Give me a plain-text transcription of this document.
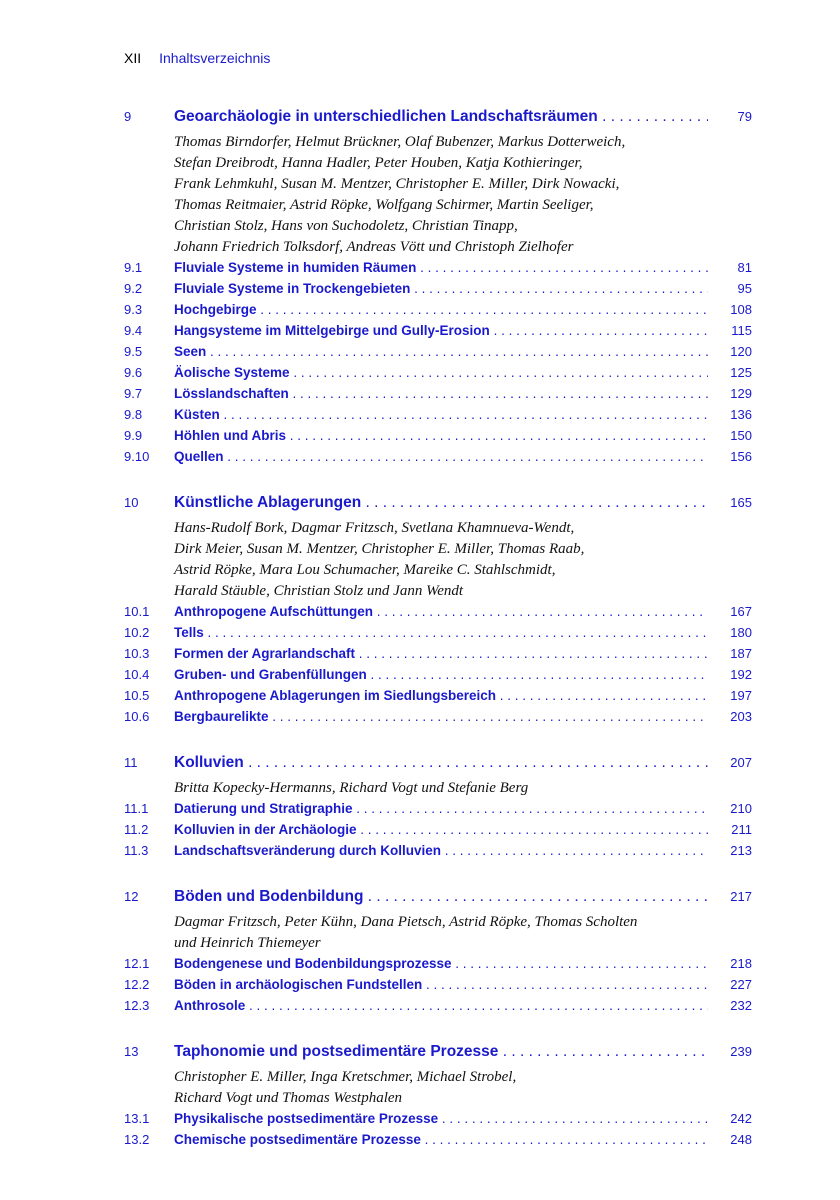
XII Inhaltsverzeichnis
9	Geoarchäologie in unterschiedlichen Landschaftsräumen . . .	79
Thomas Birndorfer, Helmut Brückner, Olaf Bubenzer, Markus Dotterweich,
Stefan Dreibrodt, Hanna Hadler, Peter Houben, Katja Kothieringer,
Frank Lehmkuhl, Susan M. Mentzer, Christopher E. Miller, Dirk Nowacki,
Thomas Reitmaier, Astrid Röpke, Wolfgang Schirmer, Martin Seeliger,
Christian Stolz, Hans von Suchodoletz, Christian Tinapp,
Johann Friedrich Tolksdorf, Andreas Vött und Christoph Zielhofer
9.1	Fluviale Systeme in humiden Räumen . . .	81
9.2	Fluviale Systeme in Trockengebieten . . .	95
9.3	Hochgebirge . . .	108
9.4	Hangsysteme im Mittelgebirge und Gully-Erosion . . .	115
9.5	Seen . . .	120
9.6	Äolische Systeme . . .	125
9.7	Lösslandschaften . . .	129
9.8	Küsten . . .	136
9.9	Höhlen und Abris . . .	150
9.10	Quellen . . .	156
10	Künstliche Ablagerungen . . .	165
Hans-Rudolf Bork, Dagmar Fritzsch, Svetlana Khamnueva-Wendt,
Dirk Meier, Susan M. Mentzer, Christopher E. Miller, Thomas Raab,
Astrid Röpke, Mara Lou Schumacher, Mareike C. Stahlschmidt,
Harald Stäuble, Christian Stolz und Jann Wendt
10.1	Anthropogene Aufschüttungen . . .	167
10.2	Tells . . .	180
10.3	Formen der Agrarlandschaft . . .	187
10.4	Gruben- und Grabenfüllungen . . .	192
10.5	Anthropogene Ablagerungen im Siedlungsbereich . . .	197
10.6	Bergbaurelikte . . .	203
11	Kolluvien . . .	207
Britta Kopecky-Hermanns, Richard Vogt und Stefanie Berg
11.1	Datierung und Stratigraphie . . .	210
11.2	Kolluvien in der Archäologie . . .	211
11.3	Landschaftsveränderung durch Kolluvien . . .	213
12	Böden und Bodenbildung . . .	217
Dagmar Fritzsch, Peter Kühn, Dana Pietsch, Astrid Röpke, Thomas Scholten
und Heinrich Thiemeyer
12.1	Bodengenese und Bodenbildungsprozesse . . .	218
12.2	Böden in archäologischen Fundstellen . . .	227
12.3	Anthrosole . . .	232
13	Taphonomie und postsedimentäre Prozesse . . .	239
Christopher E. Miller, Inga Kretschmer, Michael Strobel,
Richard Vogt und Thomas Westphalen
13.1	Physikalische postsedimentäre Prozesse . . .	242
13.2	Chemische postsedimentäre Prozesse . . .	248
